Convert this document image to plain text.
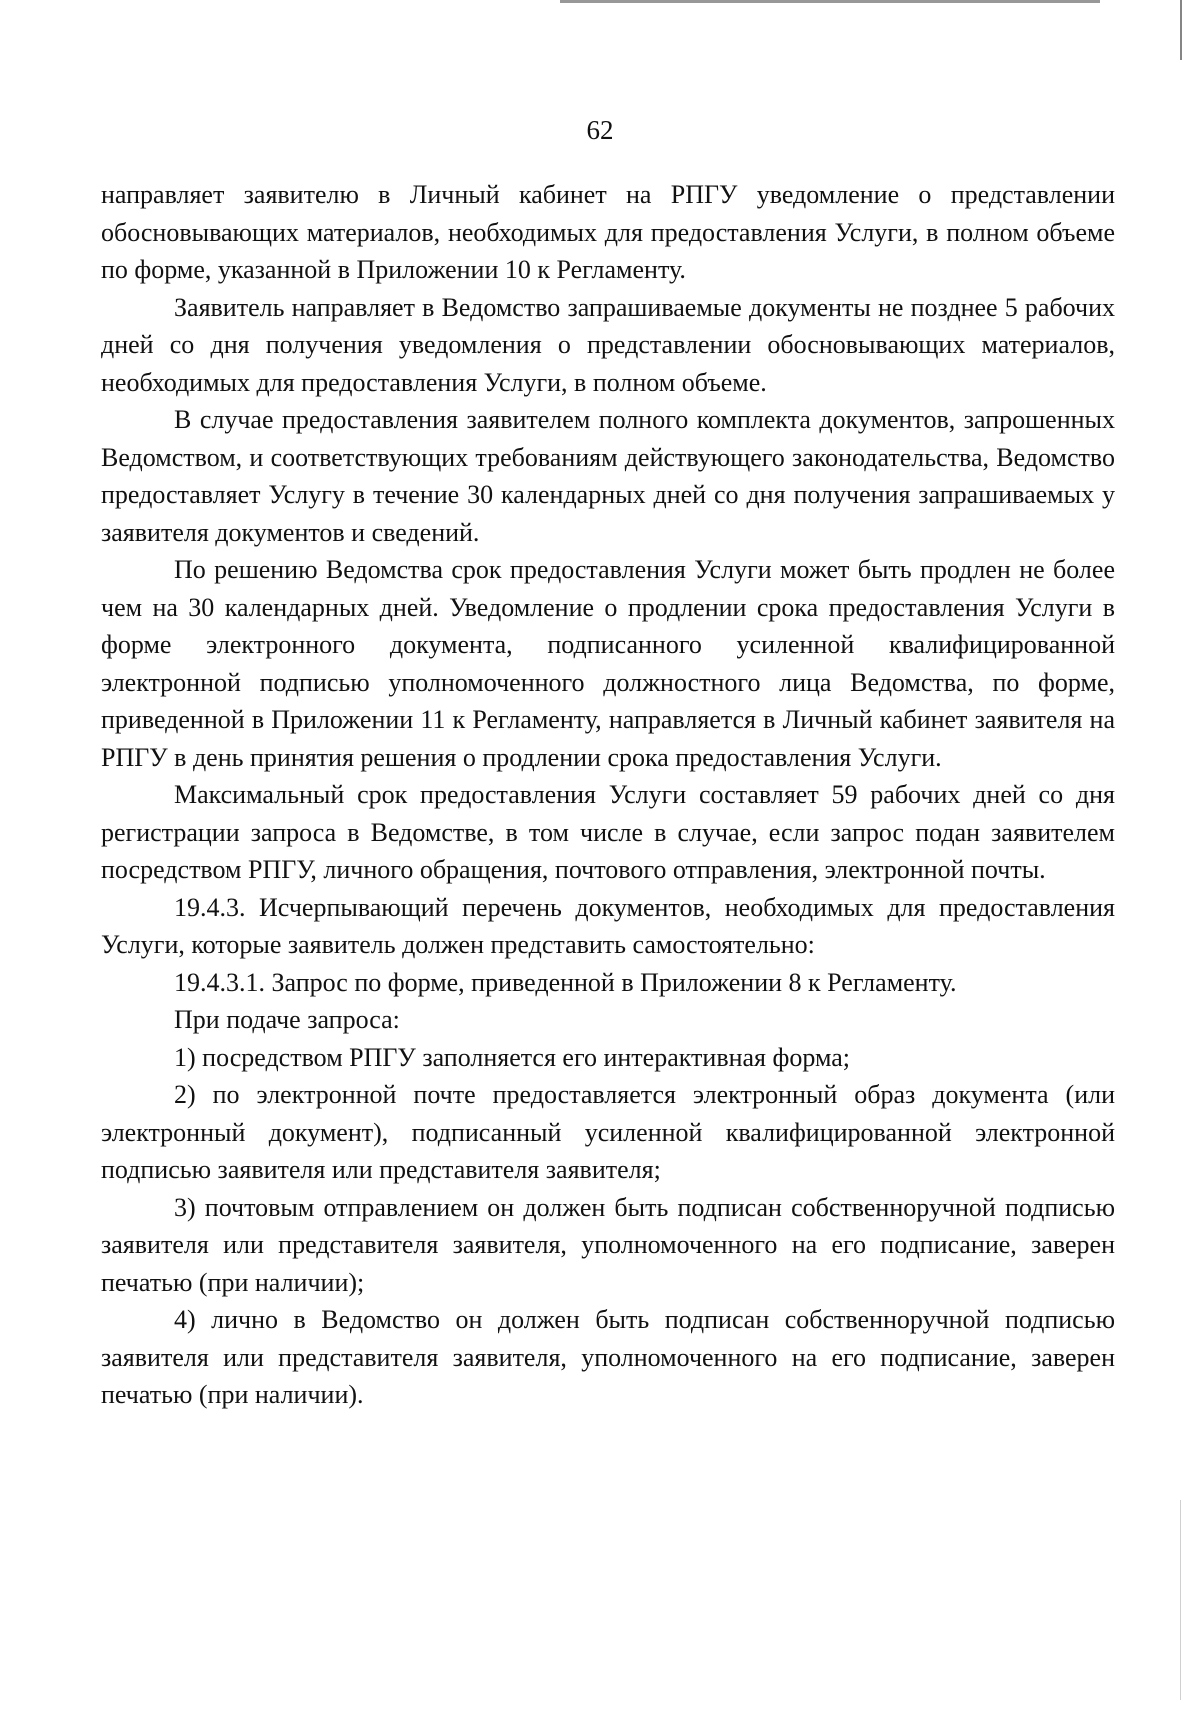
62

направляет заявителю в Личный кабинет на РПГУ уведомление о представлении обосновывающих материалов, необходимых для предоставления Услуги, в полном объеме по форме, указанной в Приложении 10 к Регламенту.

Заявитель направляет в Ведомство запрашиваемые документы не позднее 5 рабочих дней со дня получения уведомления о представлении обосновывающих материалов, необходимых для предоставления Услуги, в полном объеме.

В случае предоставления заявителем полного комплекта документов, запрошенных Ведомством, и соответствующих требованиям действующего законодательства, Ведомство предоставляет Услугу в течение 30 календарных дней со дня получения запрашиваемых у заявителя документов и сведений.

По решению Ведомства срок предоставления Услуги может быть продлен не более чем на 30 календарных дней. Уведомление о продлении срока предоставления Услуги в форме электронного документа, подписанного усиленной квалифицированной электронной подписью уполномоченного должностного лица Ведомства, по форме, приведенной в Приложении 11 к Регламенту, направляется в Личный кабинет заявителя на РПГУ в день принятия решения о продлении срока предоставления Услуги.

Максимальный срок предоставления Услуги составляет 59 рабочих дней со дня регистрации запроса в Ведомстве, в том числе в случае, если запрос подан заявителем посредством РПГУ, личного обращения, почтового отправления, электронной почты.

19.4.3. Исчерпывающий перечень документов, необходимых для предоставления Услуги, которые заявитель должен представить самостоятельно:

19.4.3.1. Запрос по форме, приведенной в Приложении 8 к Регламенту.

При подаче запроса:

1) посредством РПГУ заполняется его интерактивная форма;

2) по электронной почте предоставляется электронный образ документа (или электронный документ), подписанный усиленной квалифицированной электронной подписью заявителя или представителя заявителя;

3) почтовым отправлением он должен быть подписан собственноручной подписью заявителя или представителя заявителя, уполномоченного на его подписание, заверен печатью (при наличии);

4) лично в Ведомство он должен быть подписан собственноручной подписью заявителя или представителя заявителя, уполномоченного на его подписание, заверен печатью (при наличии).
